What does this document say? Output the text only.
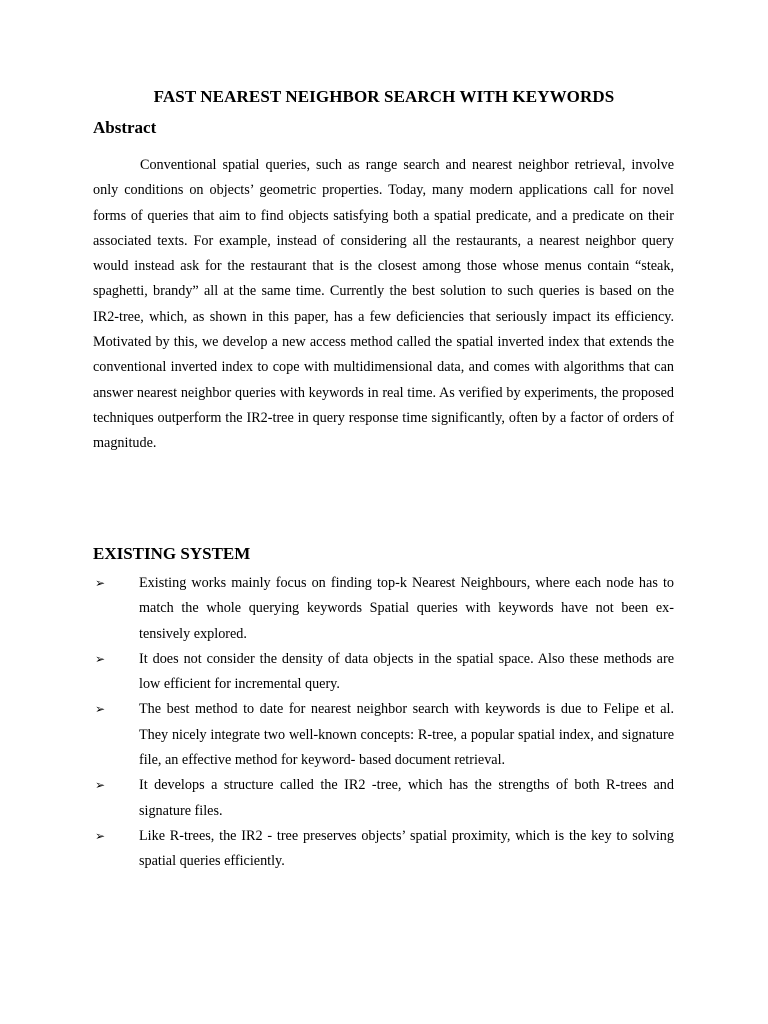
FAST NEAREST NEIGHBOR SEARCH WITH KEYWORDS
Abstract

Conventional spatial queries, such as range search and nearest neighbor retrieval, involve only conditions on objects’ geometric properties. Today, many modern applications call for novel forms of queries that aim to find objects satisfying both a spatial predicate, and a predicate on their associated texts. For example, instead of considering all the restaurants, a nearest neighbor query would instead ask for the restaurant that is the closest among those whose menus contain “steak, spaghetti, brandy” all at the same time. Currently the best solution to such queries is based on the IR2-tree, which, as shown in this paper, has a few deficiencies that seriously impact its efficiency. Motivated by this, we develop a new access method called the spatial inverted index that extends the conventional inverted index to cope with multidimensional data, and comes with algorithms that can answer nearest neighbor queries with keywords in real time. As verified by experiments, the proposed techniques outperform the IR2-tree in query response time significantly, often by a factor of orders of magnitude.

EXISTING SYSTEM
➢ Existing works mainly focus on finding top-k Nearest Neighbours, where each node has to match the whole querying keywords Spatial queries with keywords have not been ex-tensively explored.
➢ It does not consider the density of data objects in the spatial space. Also these methods are low efficient for incremental query.
➢ The best method to date for nearest neighbor search with keywords is due to Felipe et al. They nicely integrate two well-known concepts: R-tree, a popular spatial index, and signature file, an effective method for keyword- based document retrieval.
➢ It develops a structure called the IR2 -tree, which has the strengths of both R-trees and signature files.
➢ Like R-trees, the IR2 - tree preserves objects’ spatial proximity, which is the key to solving spatial queries efficiently.
